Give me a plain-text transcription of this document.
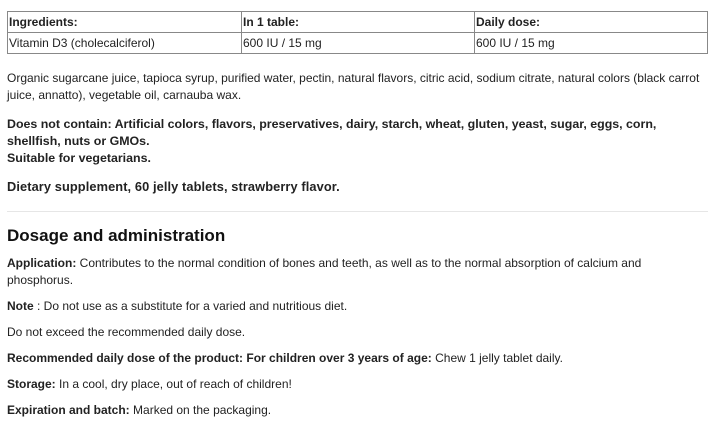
Ingredients:	In 1 table:	Daily dose:
Vitamin D3 (cholecalciferol)	600 IU / 15 mg	600 IU / 15 mg

Organic sugarcane juice, tapioca syrup, purified water, pectin, natural flavors, citric acid, sodium citrate, natural colors (black carrot juice, annatto), vegetable oil, carnauba wax.

Does not contain: Artificial colors, flavors, preservatives, dairy, starch, wheat, gluten, yeast, sugar, eggs, corn, shellfish, nuts or GMOs.
Suitable for vegetarians.

Dietary supplement, 60 jelly tablets, strawberry flavor.

Dosage and administration

Application: Contributes to the normal condition of bones and teeth, as well as to the normal absorption of calcium and phosphorus.

Note : Do not use as a substitute for a varied and nutritious diet.

Do not exceed the recommended daily dose.

Recommended daily dose of the product: For children over 3 years of age: Chew 1 jelly tablet daily.

Storage: In a cool, dry place, out of reach of children!

Expiration and batch: Marked on the packaging.
